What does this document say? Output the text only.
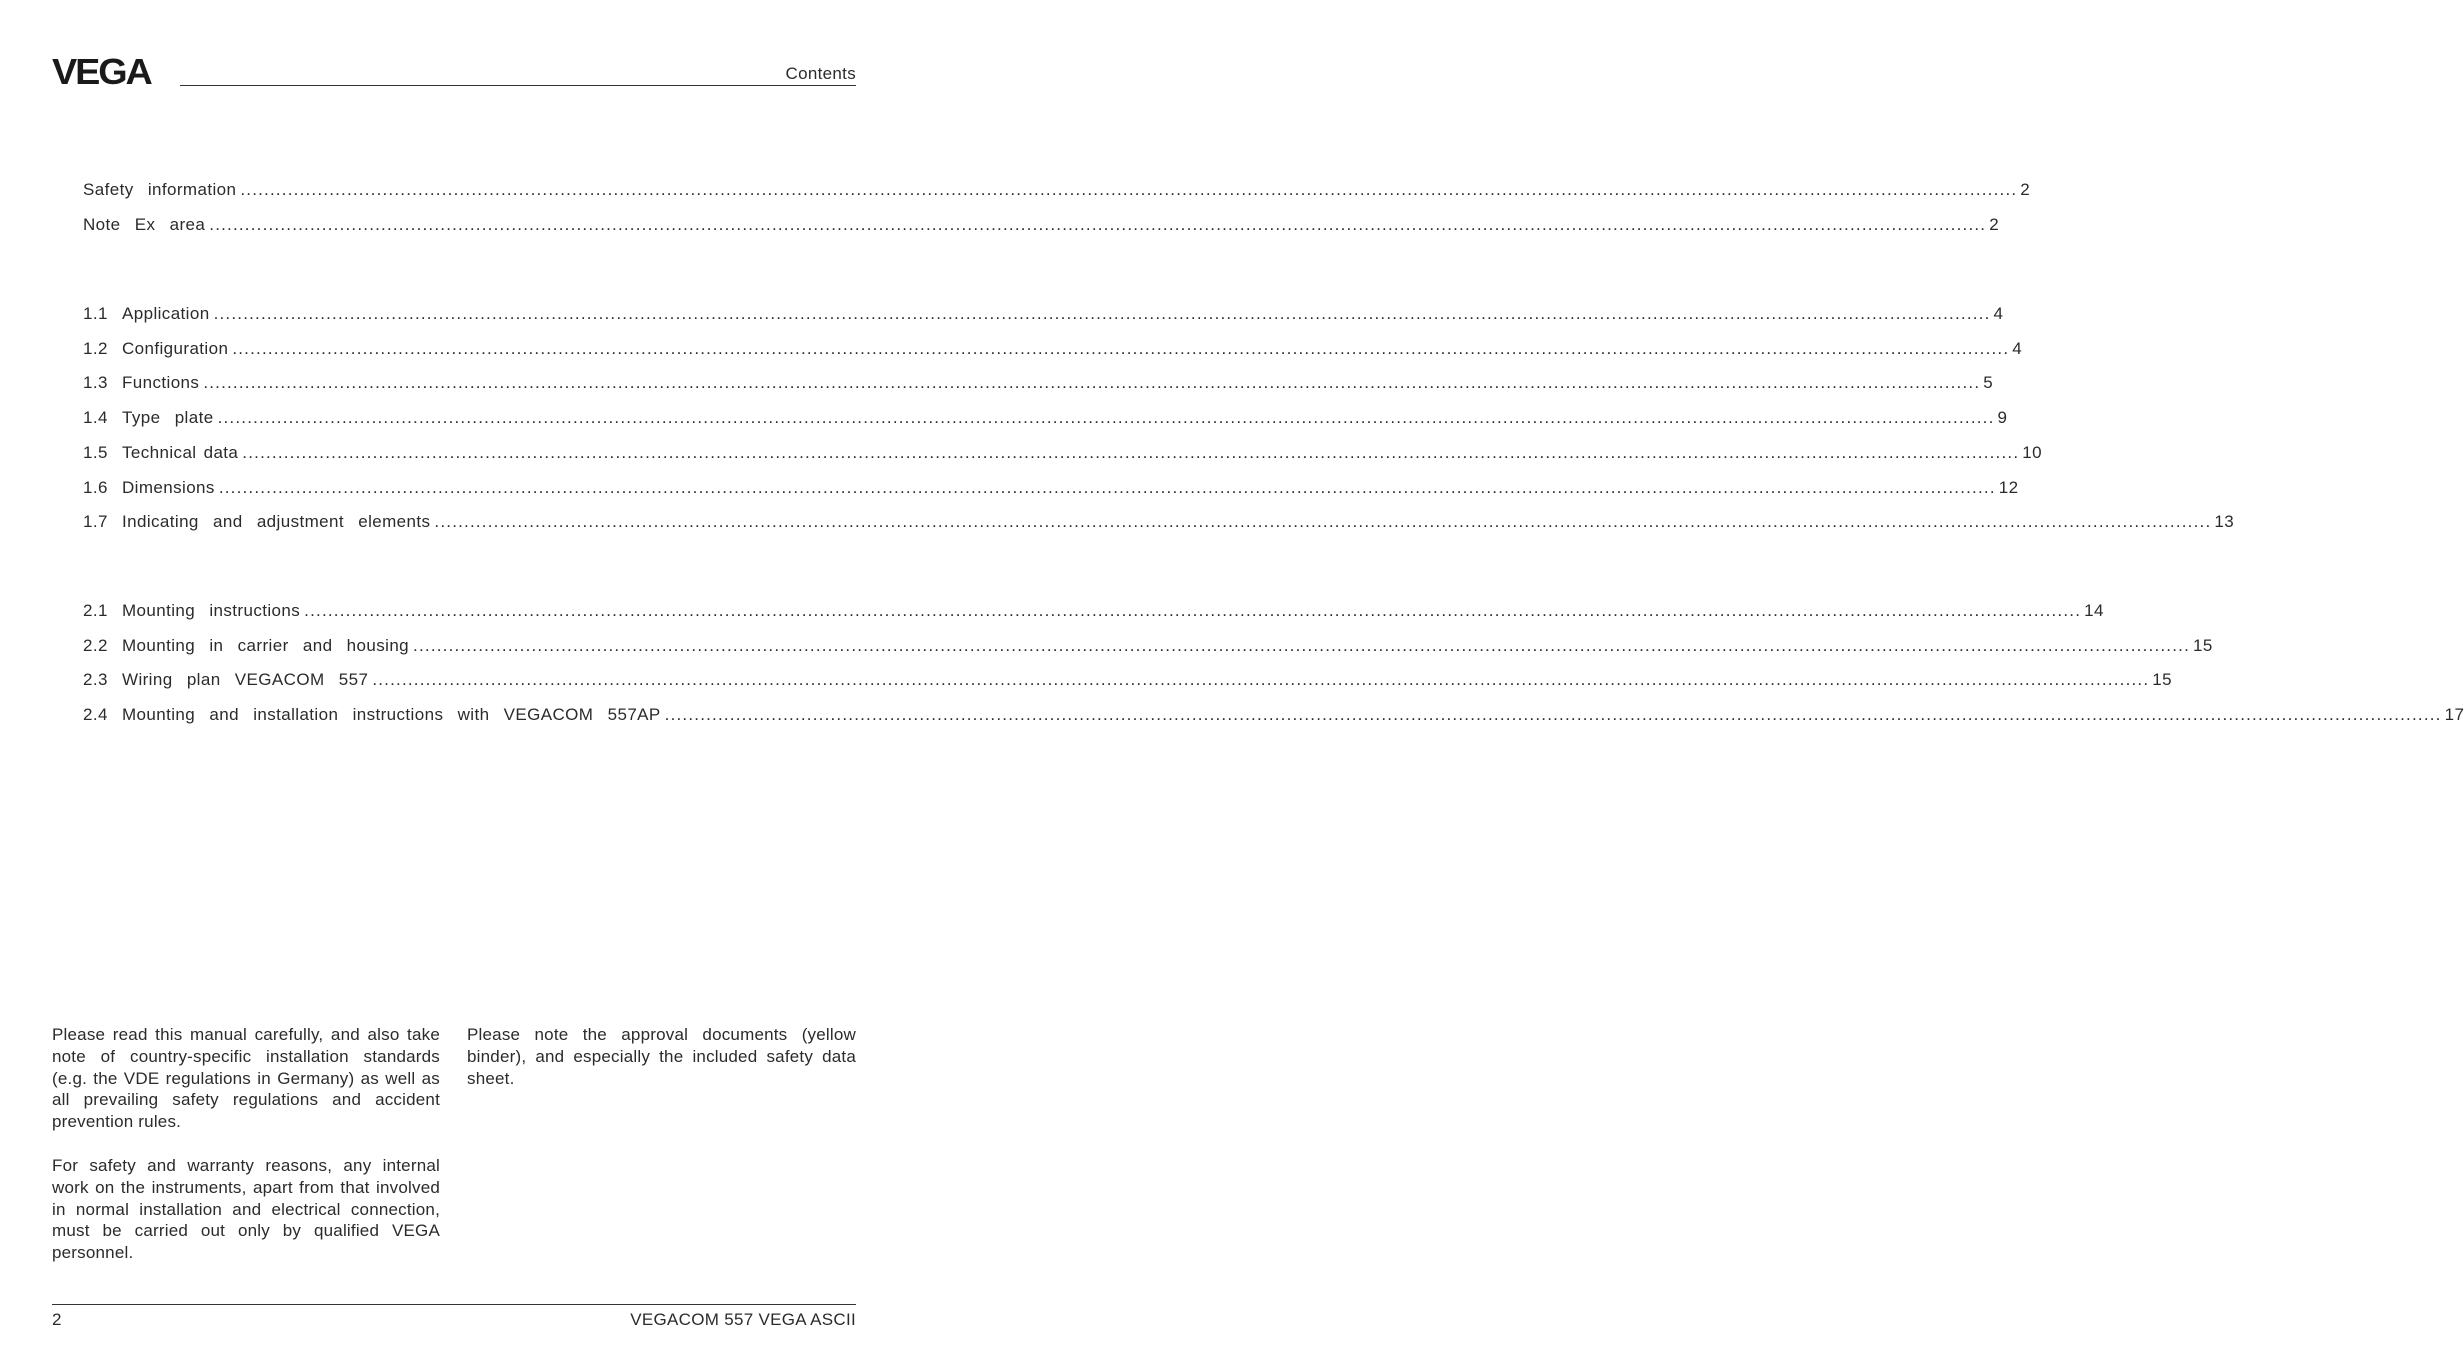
VEGA	Contents
Safety  information ............................................................................................................................................................................................................................................................................................................ 2
Note  Ex  area ............................................................................................................................................................................................................................................................................................................ 2
1.1 Application ............................................................................................................................................................................................................................................................................................................ 4
1.2 Configuration ............................................................................................................................................................................................................................................................................................................ 4
1.3 Functions ............................................................................................................................................................................................................................................................................................................ 5
1.4 Type  plate ............................................................................................................................................................................................................................................................................................................ 9
1.5 Technical data ............................................................................................................................................................................................................................................................................................................ 10
1.6 Dimensions ............................................................................................................................................................................................................................................................................................................ 12
1.7 Indicating  and  adjustment  elements ............................................................................................................................................................................................................................................................................................................ 13
2.1 Mounting  instructions ............................................................................................................................................................................................................................................................................................................ 14
2.2 Mounting  in  carrier  and  housing ............................................................................................................................................................................................................................................................................................................ 15
2.3 Wiring  plan  VEGACOM  557 ............................................................................................................................................................................................................................................................................................................ 15
2.4 Mounting  and  installation  instructions  with  VEGACOM  557AP ............................................................................................................................................................................................................................................................................................................ 17
Please read this manual carefully, and also take note of country-specific installation standards (e.g. the VDE regulations in Germany) as well as all prevailing safety regulations and accident prevention rules.
For safety and warranty reasons, any internal work on the instruments, apart from that involved in normal installation and electrical connection, must be carried out only by qualified VEGA personnel.
Please note the approval documents (yellow binder), and especially the included safety data sheet.
2	VEGACOM 557 VEGA ASCII
